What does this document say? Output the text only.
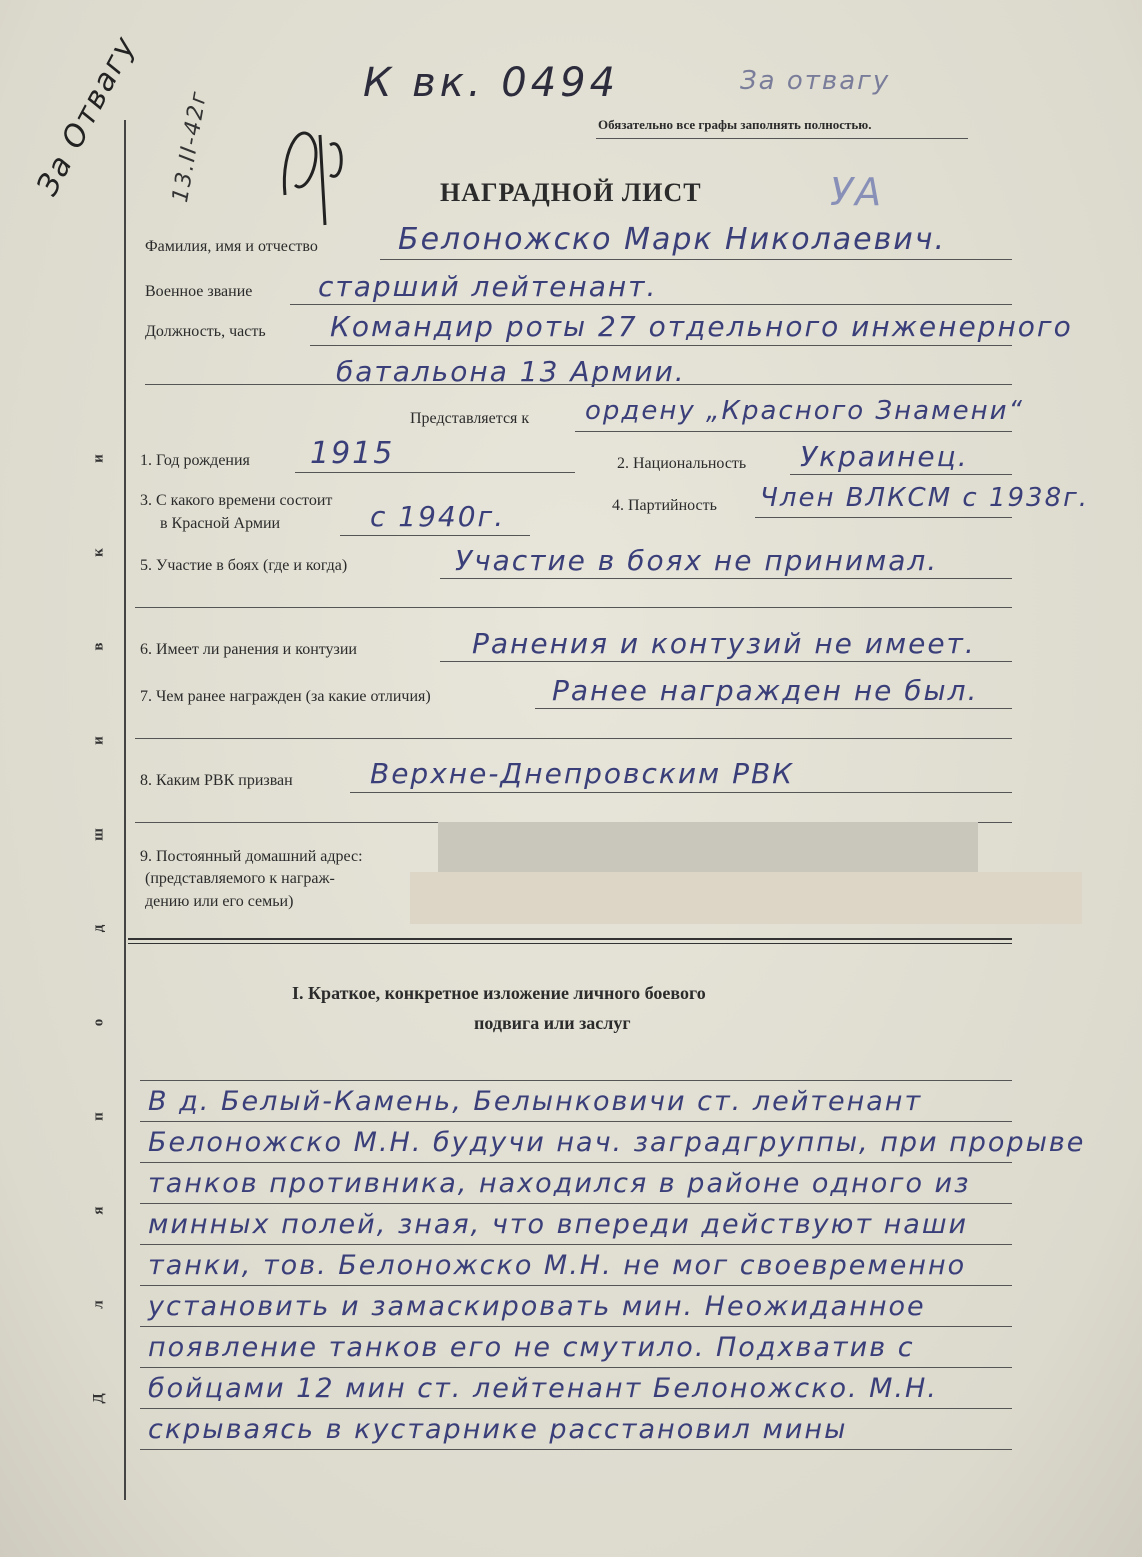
К вк. 0494	За отвагу
Обязательно все графы заполнять полностью.
За Отвагу 13.II-42г	УА
НАГРАДНОЙ ЛИСТ
Д
л
я
п
о
д
ш
и
в
к
и
Фамилия, имя и отчество	Белоножско Марк Николаевич.
Военное звание старший лейтенант.
Должность, часть Командир роты 27 отдельного инженерного
батальона 13 Армии.
Представляется к ордену „Красного Знамени“
1. Год рождения 1915	2. Национальность Украинец.
3. С какого времени состоит
в Красной Армии	с 1940г.	4. Партийность Член ВЛКСМ с 1938г.
5. Участие в боях (где и когда)	Участие в боях не принимал.
6. Имеет ли ранения и контузии	Ранения и контузий не имеет.
7. Чем ранее награжден (за какие отличия)	Ранее награжден не был.
8. Каким РВК призван	Верхне-Днепровским РВК
9. Постоянный домашний адрес:
(представляемого к награж-
дению или его семьи)
I. Краткое, конкретное изложение личного боевого
подвига или заслуг
В д. Белый-Камень, Белынковичи ст. лейтенант
Белоножско М.Н. будучи нач. заградгруппы, при прорыве
танков противника, находился в районе одного из
минных полей, зная, что впереди действуют наши
танки, тов. Белоножско М.Н. не мог своевременно
установить и замаскировать мин. Неожиданное
появление танков его не смутило. Подхватив с
бойцами 12 мин ст. лейтенант Белоножско. М.Н.
скрываясь в кустарнике расстановил мины
